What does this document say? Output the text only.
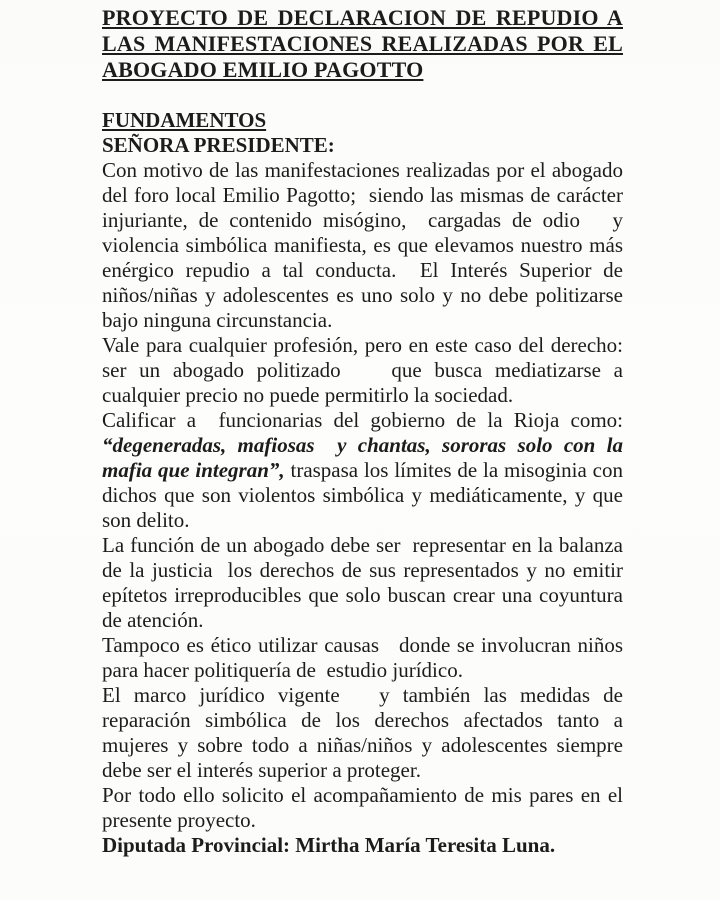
PROYECTO DE DECLARACION DE REPUDIO A LAS MANIFESTACIONES REALIZADAS POR EL ABOGADO EMILIO PAGOTTO
FUNDAMENTOS
SEÑORA PRESIDENTE:

Con motivo de las manifestaciones realizadas por el abogado del foro local Emilio Pagotto;  siendo las mismas de carácter injuriante, de contenido misógino,  cargadas de odio   y violencia simbólica manifiesta, es que elevamos nuestro más enérgico repudio a tal conducta.  El Interés Superior de niños/niñas y adolescentes es uno solo y no debe politizarse bajo ninguna circunstancia.

Vale para cualquier profesión, pero en este caso del derecho: ser un abogado politizado    que busca mediatizarse a cualquier precio no puede permitirlo la sociedad.

Calificar a  funcionarias del gobierno de la Rioja como: “degeneradas, mafiosas  y chantas, sororas solo con la mafia que integran”, traspasa los límites de la misoginia con dichos que son violentos simbólica y mediáticamente, y que son delito.

La función de un abogado debe ser  representar en la balanza de la justicia  los derechos de sus representados y no emitir epítetos irreproducibles que solo buscan crear una coyuntura de atención.

Tampoco es ético utilizar causas   donde se involucran niños para hacer politiquería de  estudio jurídico.

El marco jurídico vigente   y también las medidas de reparación simbólica de los derechos afectados tanto a mujeres y sobre todo a niñas/niños y adolescentes siempre debe ser el interés superior a proteger.

Por todo ello solicito el acompañamiento de mis pares en el presente proyecto.

Diputada Provincial: Mirtha María Teresita Luna.
